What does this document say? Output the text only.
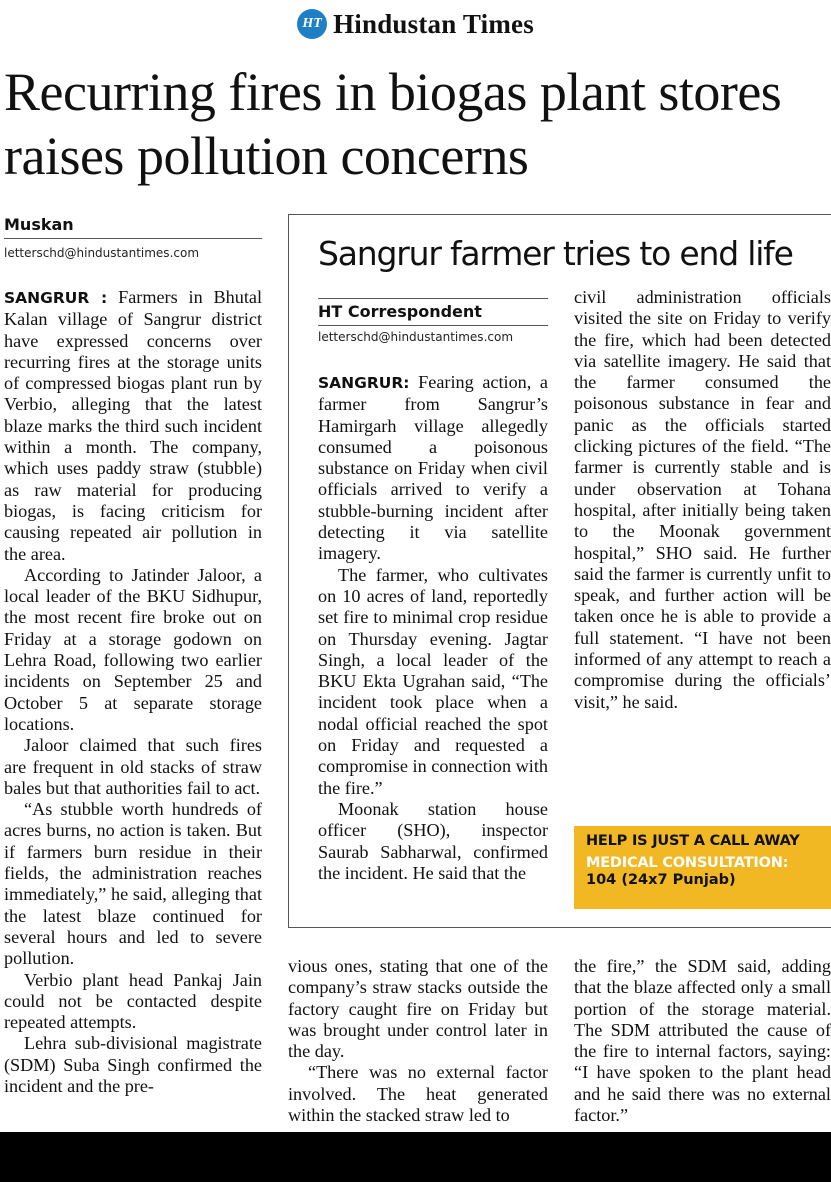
HT Hindustan Times
Recurring fires in biogas plant stores raises pollution concerns
Muskan
letterschd@hindustantimes.com

SANGRUR : Farmers in Bhutal Kalan village of Sangrur district have expressed concerns over recurring fires at the storage units of compressed biogas plant run by Verbio, alleging that the latest blaze marks the third such incident within a month. The company, which uses paddy straw (stubble) as raw material for producing biogas, is facing criticism for causing repeated air pollution in the area.

According to Jatinder Jaloor, a local leader of the BKU Sidhupur, the most recent fire broke out on Friday at a storage godown on Lehra Road, following two earlier incidents on September 25 and October 5 at separate storage locations.

Jaloor claimed that such fires are frequent in old stacks of straw bales but that authorities fail to act.

“As stubble worth hundreds of acres burns, no action is taken. But if farmers burn residue in their fields, the administration reaches immediately,” he said, alleging that the latest blaze continued for several hours and led to severe pollution.

Verbio plant head Pankaj Jain could not be contacted despite repeated attempts.

Lehra sub-divisional magistrate (SDM) Suba Singh confirmed the incident and the pre-

Sangrur farmer tries to end life
HT Correspondent
letterschd@hindustantimes.com

SANGRUR: Fearing action, a farmer from Sangrur’s Hamirgarh village allegedly consumed a poisonous substance on Friday when civil officials arrived to verify a stubble-burning incident after detecting it via satellite imagery.

The farmer, who cultivates on 10 acres of land, reportedly set fire to minimal crop residue on Thursday evening. Jagtar Singh, a local leader of the BKU Ekta Ugrahan said, “The incident took place when a nodal official reached the spot on Friday and requested a compromise in connection with the fire.”

Moonak station house officer (SHO), inspector Saurab Sabharwal, confirmed the incident. He said that the

civil administration officials visited the site on Friday to verify the fire, which had been detected via satellite imagery. He said that the farmer consumed the poisonous substance in fear and panic as the officials started clicking pictures of the field. “The farmer is currently stable and is under observation at Tohana hospital, after initially being taken to the Moonak government hospital,” SHO said. He further said the farmer is currently unfit to speak, and further action will be taken once he is able to provide a full statement. “I have not been informed of any attempt to reach a compromise during the officials’ visit,” he said.

HELP IS JUST A CALL AWAY
MEDICAL CONSULTATION:
104 (24x7 Punjab)

vious ones, stating that one of the company’s straw stacks outside the factory caught fire on Friday but was brought under control later in the day.

“There was no external factor involved. The heat generated within the stacked straw led to

the fire,” the SDM said, adding that the blaze affected only a small portion of the storage material. The SDM attributed the cause of the fire to internal factors, saying: “I have spoken to the plant head and he said there was no external factor.”
